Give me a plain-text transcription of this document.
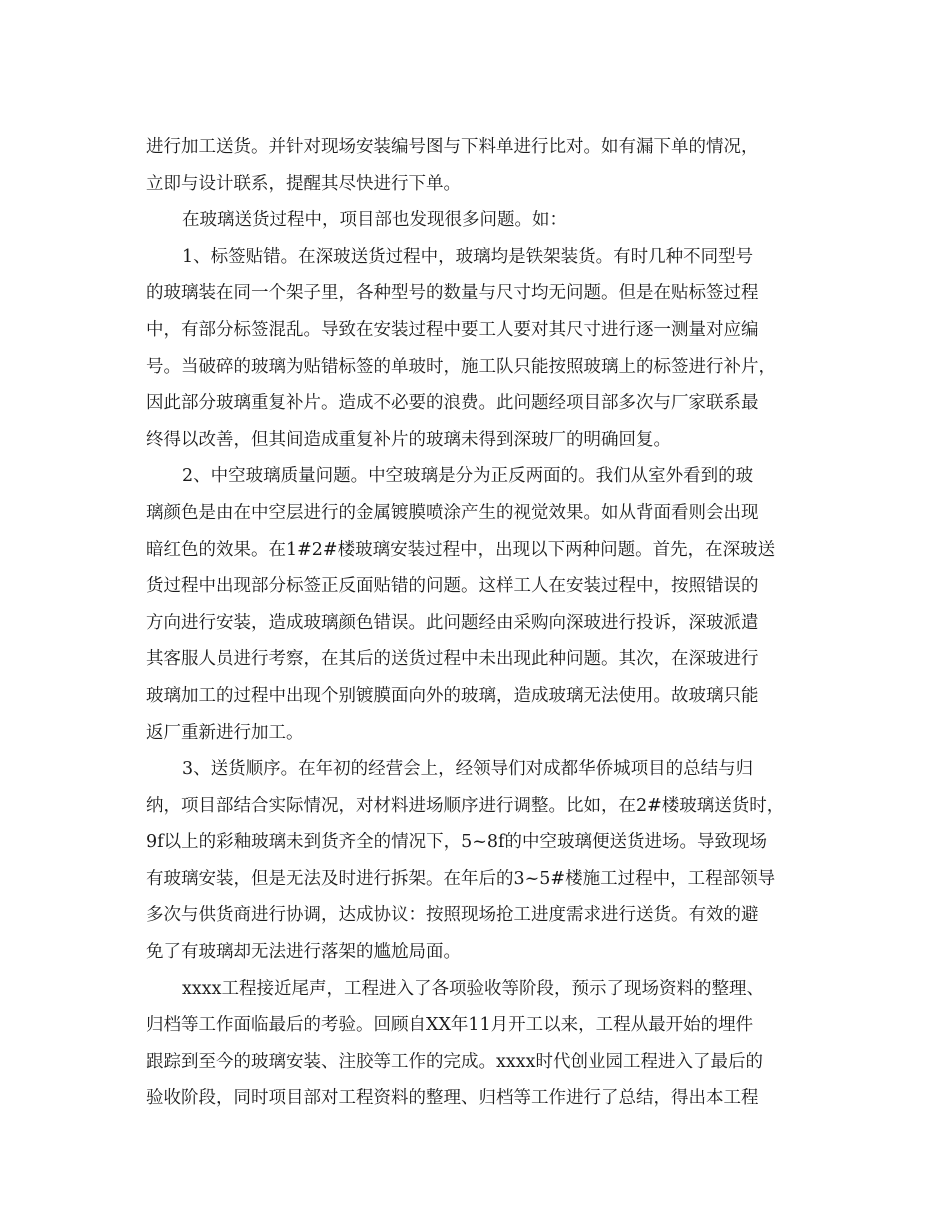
进行加工送货。并针对现场安装编号图与下料单进行比对。如有漏下单的情况，
立即与设计联系，提醒其尽快进行下单。
在玻璃送货过程中，项目部也发现很多问题。如：
1、标签贴错。在深玻送货过程中，玻璃均是铁架装货。有时几种不同型号
的玻璃装在同一个架子里，各种型号的数量与尺寸均无问题。但是在贴标签过程
中，有部分标签混乱。导致在安装过程中要工人要对其尺寸进行逐一测量对应编
号。当破碎的玻璃为贴错标签的单玻时，施工队只能按照玻璃上的标签进行补片，
因此部分玻璃重复补片。造成不必要的浪费。此问题经项目部多次与厂家联系最
终得以改善，但其间造成重复补片的玻璃未得到深玻厂的明确回复。
2、中空玻璃质量问题。中空玻璃是分为正反两面的。我们从室外看到的玻
璃颜色是由在中空层进行的金属镀膜喷涂产生的视觉效果。如从背面看则会出现
暗红色的效果。在1#2#楼玻璃安装过程中，出现以下两种问题。首先，在深玻送
货过程中出现部分标签正反面贴错的问题。这样工人在安装过程中，按照错误的
方向进行安装，造成玻璃颜色错误。此问题经由采购向深玻进行投诉，深玻派遣
其客服人员进行考察，在其后的送货过程中未出现此种问题。其次，在深玻进行
玻璃加工的过程中出现个别镀膜面向外的玻璃，造成玻璃无法使用。故玻璃只能
返厂重新进行加工。
3、送货顺序。在年初的经营会上，经领导们对成都华侨城项目的总结与归
纳，项目部结合实际情况，对材料进场顺序进行调整。比如，在2#楼玻璃送货时，
9f以上的彩釉玻璃未到货齐全的情况下，5~8f的中空玻璃便送货进场。导致现场
有玻璃安装，但是无法及时进行拆架。在年后的3~5#楼施工过程中，工程部领导
多次与供货商进行协调，达成协议：按照现场抢工进度需求进行送货。有效的避
免了有玻璃却无法进行落架的尴尬局面。
xxxx工程接近尾声，工程进入了各项验收等阶段，预示了现场资料的整理、
归档等工作面临最后的考验。回顾自XX年11月开工以来，工程从最开始的埋件
跟踪到至今的玻璃安装、注胶等工作的完成。xxxx时代创业园工程进入了最后的
验收阶段，同时项目部对工程资料的整理、归档等工作进行了总结，得出本工程
